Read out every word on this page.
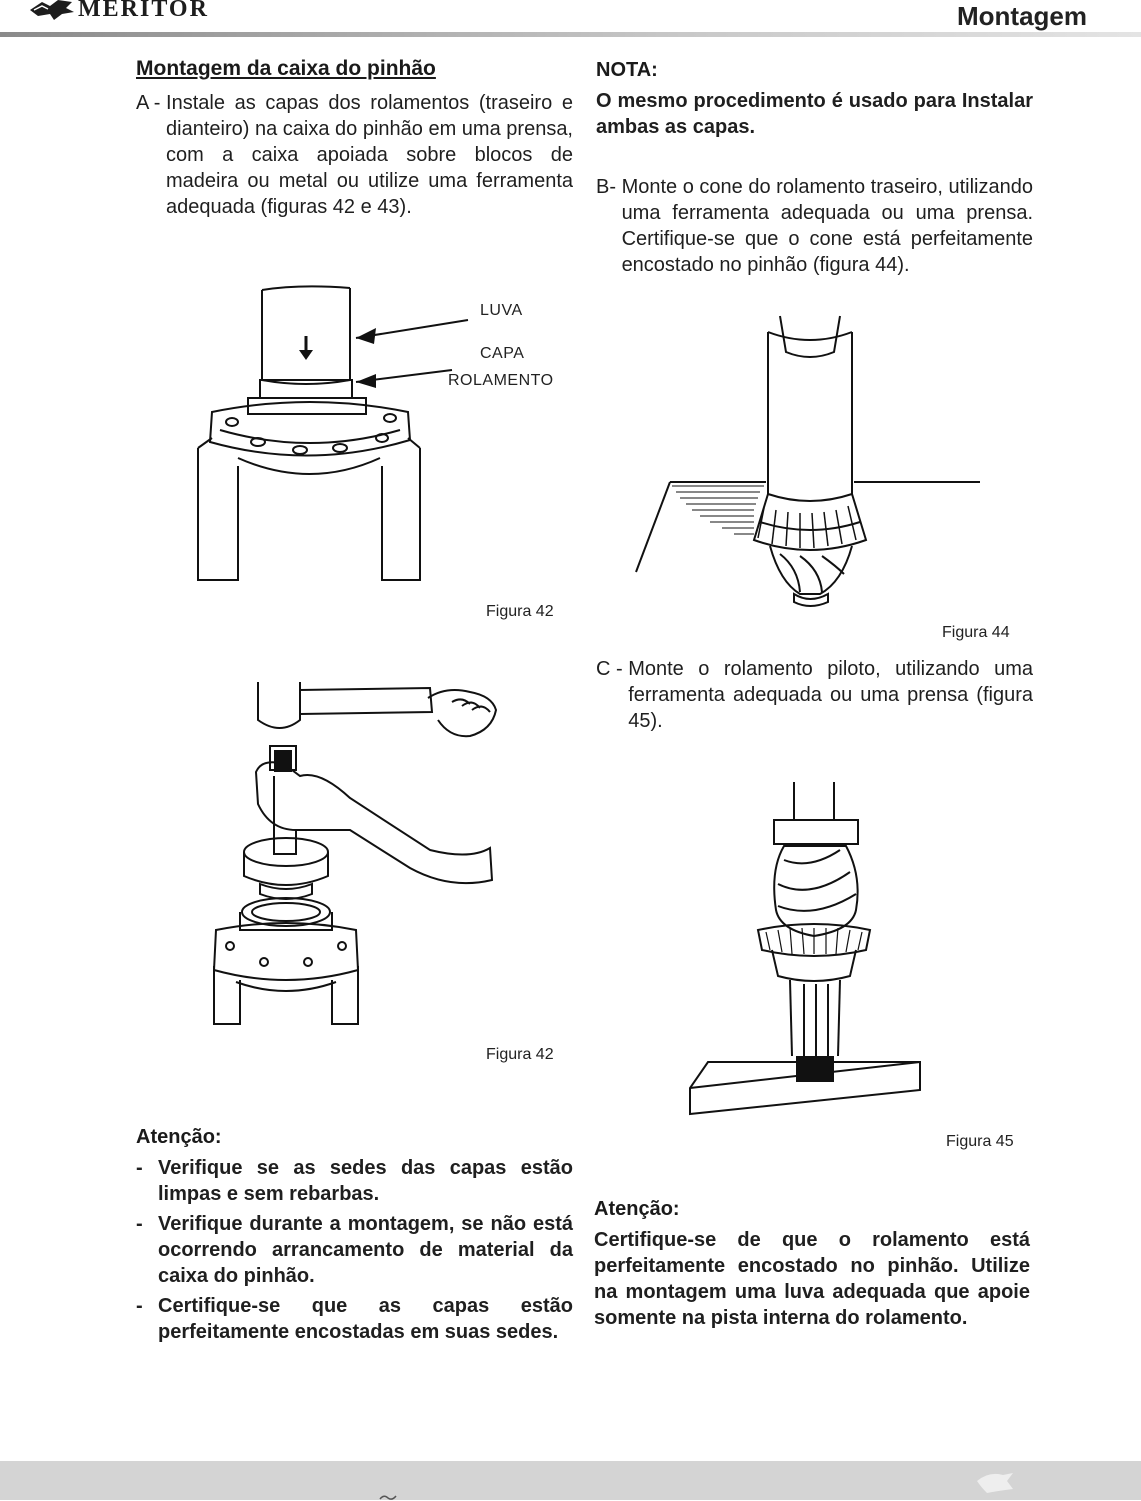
MERITOR	Montagem
Montagem da caixa do pinhão
A - Instale as capas dos rolamentos (traseiro e dianteiro) na caixa do pinhão em uma prensa, com a caixa apoiada sobre blocos de madeira ou metal ou utilize uma ferramenta adequada (figuras 42 e 43).
LUVA
CAPA
ROLAMENTO
Figura 42
Figura 42
Atenção:
- Verifique se as sedes das capas estão limpas e sem rebarbas.
- Verifique durante a montagem, se não está ocorrendo arrancamento de material da caixa do pinhão.
- Certifique-se que as capas estão perfeitamente encostadas em suas sedes.
NOTA:
O mesmo procedimento é usado para Instalar ambas as capas.
B- Monte o cone do rolamento traseiro, utilizando uma ferramenta adequada ou uma prensa. Certifique-se que o cone está perfeitamente encostado no pinhão (figura 44).
Figura 44
C - Monte o rolamento piloto, utilizando uma ferramenta adequada ou uma prensa (figura 45).
Figura 45
Atenção:
Certifique-se de que o rolamento está perfeitamente encostado no pinhão. Utilize na montagem uma luva adequada que apoie somente na pista interna do rolamento.
